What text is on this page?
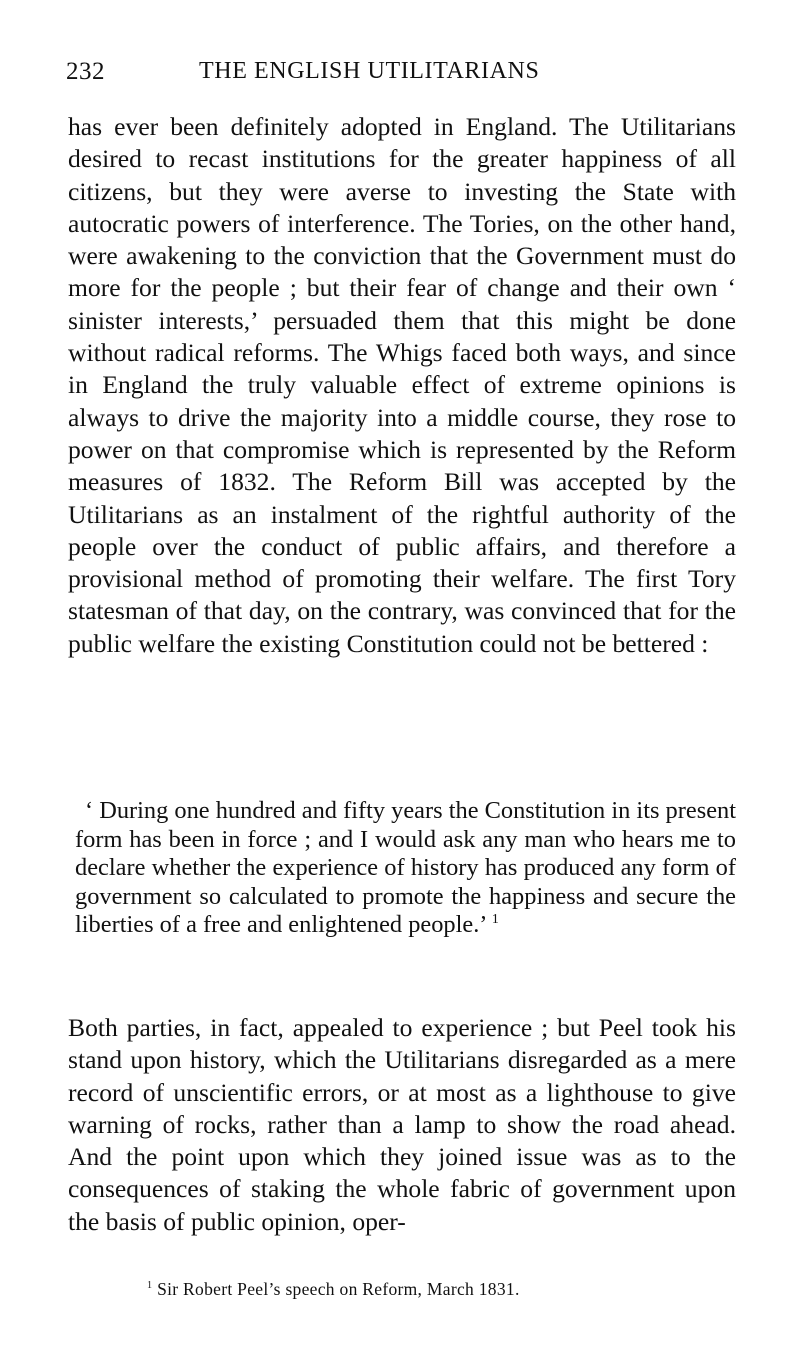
232	THE ENGLISH UTILITARIANS
has ever been definitely adopted in England. The Utilitarians desired to recast institutions for the greater happiness of all citizens, but they were averse to investing the State with autocratic powers of interference. The Tories, on the other hand, were awakening to the conviction that the Government must do more for the people ; but their fear of change and their own ‘ sinister interests,’ persuaded them that this might be done without radical reforms. The Whigs faced both ways, and since in England the truly valuable effect of extreme opinions is always to drive the majority into a middle course, they rose to power on that compromise which is represented by the Reform measures of 1832. The Reform Bill was accepted by the Utilitarians as an instalment of the rightful authority of the people over the conduct of public affairs, and therefore a provisional method of promoting their welfare. The first Tory statesman of that day, on the contrary, was convinced that for the public welfare the existing Constitution could not be bettered :
‘ During one hundred and fifty years the Constitution in its present form has been in force ; and I would ask any man who hears me to declare whether the experience of history has produced any form of government so calculated to promote the happiness and secure the liberties of a free and enlightened people.’ $^1$
Both parties, in fact, appealed to experience ; but Peel took his stand upon history, which the Utilitarians disregarded as a mere record of unscientific errors, or at most as a lighthouse to give warning of rocks, rather than a lamp to show the road ahead. And the point upon which they joined issue was as to the consequences of staking the whole fabric of government upon the basis of public opinion, oper-
$^1$ Sir Robert Peel’s speech on Reform, March 1831.
